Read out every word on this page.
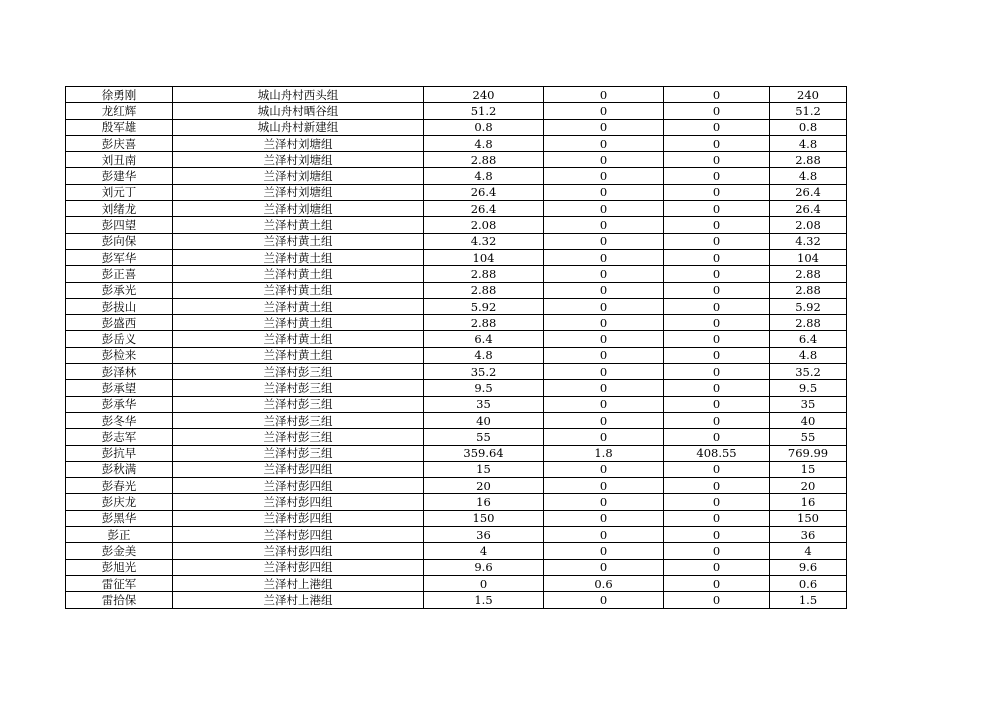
徐勇刚	城山舟村西头组	240	0	0	240
龙红辉	城山舟村晒谷组	51.2	0	0	51.2
殷军雄	城山舟村新建组	0.8	0	0	0.8
彭庆喜	兰泽村刘塘组	4.8	0	0	4.8
刘丑南	兰泽村刘塘组	2.88	0	0	2.88
彭建华	兰泽村刘塘组	4.8	0	0	4.8
刘元丁	兰泽村刘塘组	26.4	0	0	26.4
刘绪龙	兰泽村刘塘组	26.4	0	0	26.4
彭四望	兰泽村黄土组	2.08	0	0	2.08
彭向保	兰泽村黄土组	4.32	0	0	4.32
彭军华	兰泽村黄土组	104	0	0	104
彭正喜	兰泽村黄土组	2.88	0	0	2.88
彭承光	兰泽村黄土组	2.88	0	0	2.88
彭拔山	兰泽村黄土组	5.92	0	0	5.92
彭盛西	兰泽村黄土组	2.88	0	0	2.88
彭岳义	兰泽村黄土组	6.4	0	0	6.4
彭检来	兰泽村黄土组	4.8	0	0	4.8
彭泽林	兰泽村彭三组	35.2	0	0	35.2
彭承望	兰泽村彭三组	9.5	0	0	9.5
彭承华	兰泽村彭三组	35	0	0	35
彭冬华	兰泽村彭三组	40	0	0	40
彭志军	兰泽村彭三组	55	0	0	55
彭抗早	兰泽村彭三组	359.64	1.8	408.55	769.99
彭秋满	兰泽村彭四组	15	0	0	15
彭春光	兰泽村彭四组	20	0	0	20
彭庆龙	兰泽村彭四组	16	0	0	16
彭黑华	兰泽村彭四组	150	0	0	150
彭正	兰泽村彭四组	36	0	0	36
彭金美	兰泽村彭四组	4	0	0	4
彭旭光	兰泽村彭四组	9.6	0	0	9.6
雷征军	兰泽村上港组	0	0.6	0	0.6
雷拾保	兰泽村上港组	1.5	0	0	1.5
